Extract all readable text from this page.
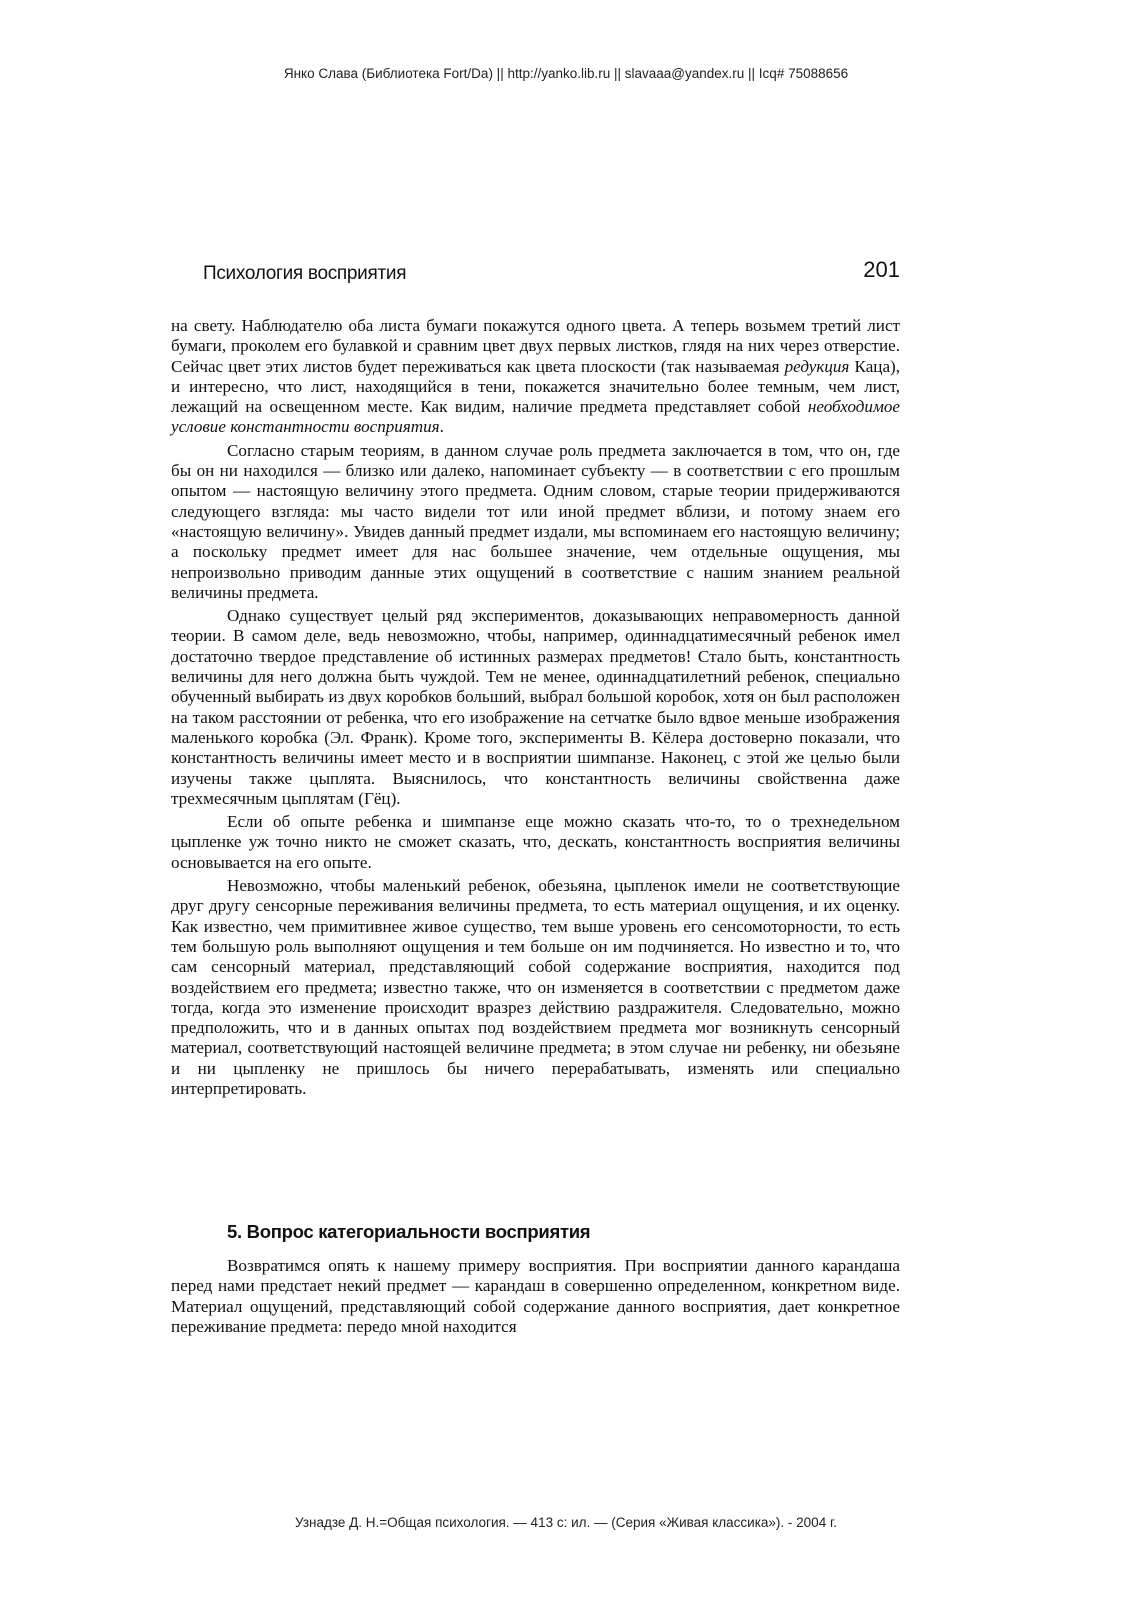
Янко Слава (Библиотека Fort/Da) || http://yanko.lib.ru || slavaaa@yandex.ru || Icq# 75088656
Психология восприятия	201

на свету. Наблюдателю оба листа бумаги покажутся одного цвета. А теперь возьмем третий лист бумаги, проколем его булавкой и сравним цвет двух первых листков, глядя на них через отверстие. Сейчас цвет этих листов будет переживаться как цвета плоскости (так называемая редукция Каца), и интересно, что лист, находящийся в тени, покажется значительно более темным, чем лист, лежащий на освещенном месте. Как видим, наличие предмета представляет собой необходимое условие константности восприятия.

Согласно старым теориям, в данном случае роль предмета заключается в том, что он, где бы он ни находился — близко или далеко, напоминает субъекту — в соответствии с его прошлым опытом — настоящую величину этого предмета. Одним словом, старые теории придерживаются следующего взгляда: мы часто видели тот или иной предмет вблизи, и потому знаем его «настоящую величину». Увидев данный предмет издали, мы вспоминаем его настоящую величину; а поскольку предмет имеет для нас большее значение, чем отдельные ощущения, мы непроизвольно приводим данные этих ощущений в соответствие с нашим знанием реальной величины предмета.

Однако существует целый ряд экспериментов, доказывающих неправомерность данной теории. В самом деле, ведь невозможно, чтобы, например, одиннадцатимесячный ребенок имел достаточно твердое представление об истинных размерах предметов! Стало быть, константность величины для него должна быть чуждой. Тем не менее, одиннадцатилетний ребенок, специально обученный выбирать из двух коробков больший, выбрал большой коробок, хотя он был расположен на таком расстоянии от ребенка, что его изображение на сетчатке было вдвое меньше изображения маленького коробка (Эл. Франк). Кроме того, эксперименты В. Кёлера достоверно показали, что константность величины имеет место и в восприятии шимпанзе. Наконец, с этой же целью были изучены также цыплята. Выяснилось, что константность величины свойственна даже трехмесячным цыплятам (Гёц).

Если об опыте ребенка и шимпанзе еще можно сказать что-то, то о трехнедельном цыпленке уж точно никто не сможет сказать, что, дескать, константность восприятия величины основывается на его опыте.

Невозможно, чтобы маленький ребенок, обезьяна, цыпленок имели не соответствующие друг другу сенсорные переживания величины предмета, то есть материал ощущения, и их оценку. Как известно, чем примитивнее живое существо, тем выше уровень его сенсомоторности, то есть тем большую роль выполняют ощущения и тем больше он им подчиняется. Но известно и то, что сам сенсорный материал, представляющий собой содержание восприятия, находится под воздействием его предмета; известно также, что он изменяется в соответствии с предметом даже тогда, когда это изменение происходит вразрез действию раздражителя. Следовательно, можно предположить, что и в данных опытах под воздействием предмета мог возникнуть сенсорный материал, соответствующий настоящей величине предмета; в этом случае ни ребенку, ни обезьяне и ни цыпленку не пришлось бы ничего перерабатывать, изменять или специально интерпретировать.

5. Вопрос категориальности восприятия

Возвратимся опять к нашему примеру восприятия. При восприятии данного карандаша перед нами предстает некий предмет — карандаш в совершенно определенном, конкретном виде. Материал ощущений, представляющий собой содержание данного восприятия, дает конкретное переживание предмета: передо мной находится

Узнадзе Д. Н.=Общая психология. — 413 с: ил. — (Серия «Живая классика»). - 2004 г.
